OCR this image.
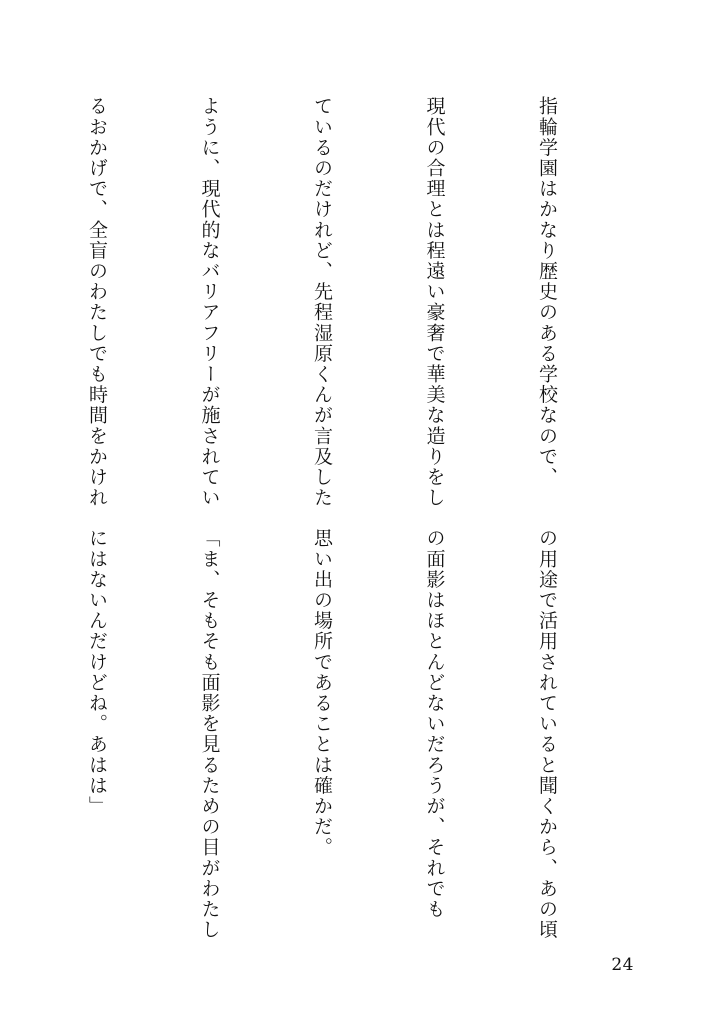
指輪学園はかなり歴史のある学校なので、

現代の合理とは程遠い豪奢で華美な造りをし

ているのだけれど、先程湿原くんが言及した

ように、現代的なバリアフリーが施されてい

るおかげで、全盲のわたしでも時間をかけれ

の用途で活用されていると聞くから、あの頃

の面影はほとんどないだろうが、それでも

思い出の場所であることは確かだ。

「ま、そもそも面影を見るための目がわたし

にはないんだけどね。あはは」

24
